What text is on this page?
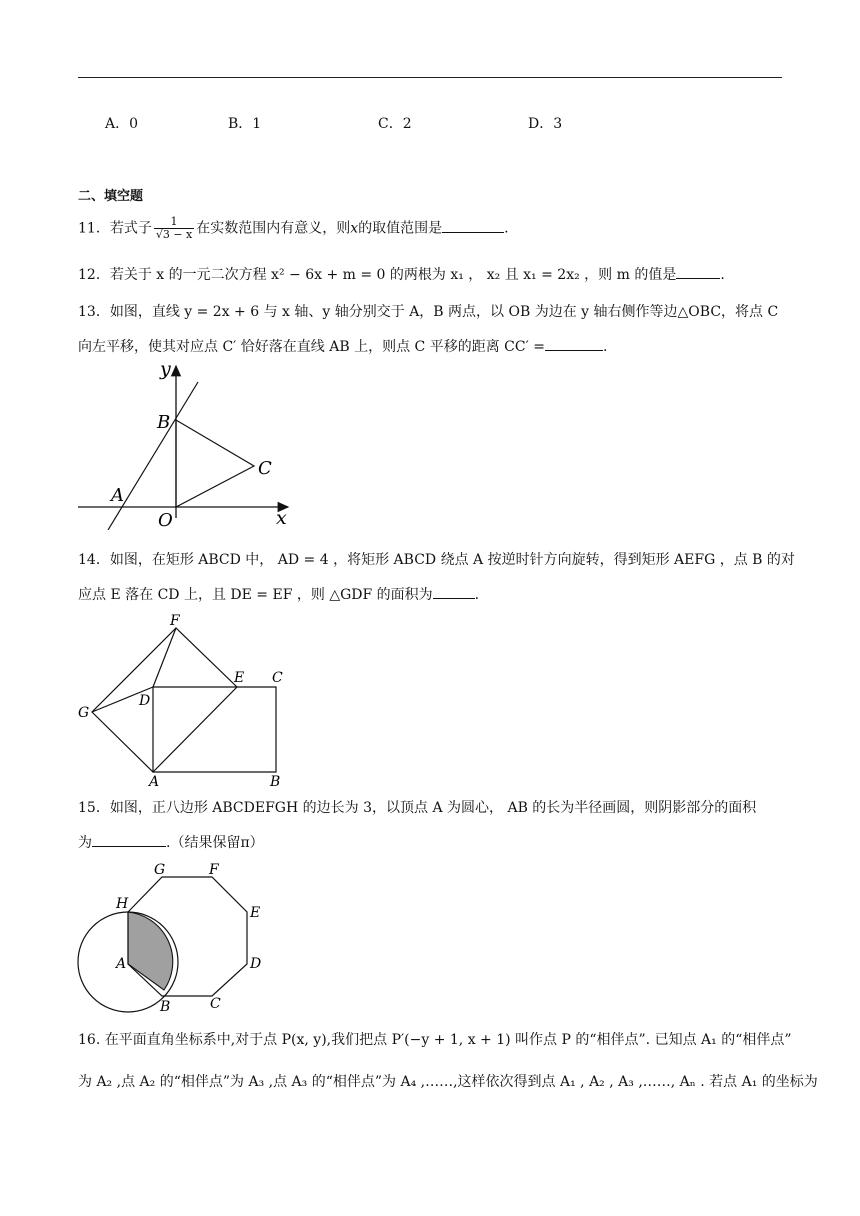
A．0	B．1	C．2	D．3
二、填空题
11．若式子 $\frac{1}{√3 - x}$ 在实数范围内有意义，则x的取值范围是	.
12．若关于 x 的一元二次方程 x² − 6x + m = 0 的两根为 x₁ ， x₂ 且 x₁ = 2x₂ ，则 m 的值是	.
13．如图，直线 y = 2x + 6 与 x 轴、y 轴分别交于 A，B 两点，以 OB 为边在 y 轴右侧作等边△OBC，将点 C
向左平移，使其对应点 C′ 恰好落在直线 AB 上，则点 C 平移的距离 CC′ =	.
y
x
B
C
A
O
14．如图，在矩形 ABCD 中， AD = 4 ，将矩形 ABCD 绕点 A 按逆时针方向旋转，得到矩形 AEFG ，点 B 的对
应点 E 落在 CD 上，且 DE = EF ，则 △GDF 的面积为	.
F
E C
D
G
A	B
15．如图，正八边形 ABCDEFGH 的边长为 3，以顶点 A 为圆心， AB 的长为半径画圆，则阴影部分的面积
为	.（结果保留π）
G	F
H
E
A	D
B	C
16. 在平面直角坐标系中,对于点 P(x, y),我们把点 P′(−y + 1, x + 1) 叫作点 P 的“相伴点”. 已知点 A₁ 的“相伴点”
为 A₂ ,点 A₂ 的“相伴点”为 A₃ ,点 A₃ 的“相伴点”为 A₄ ,……,这样依次得到点 A₁ , A₂ , A₃ ,……, Aₙ . 若点 A₁ 的坐标为
